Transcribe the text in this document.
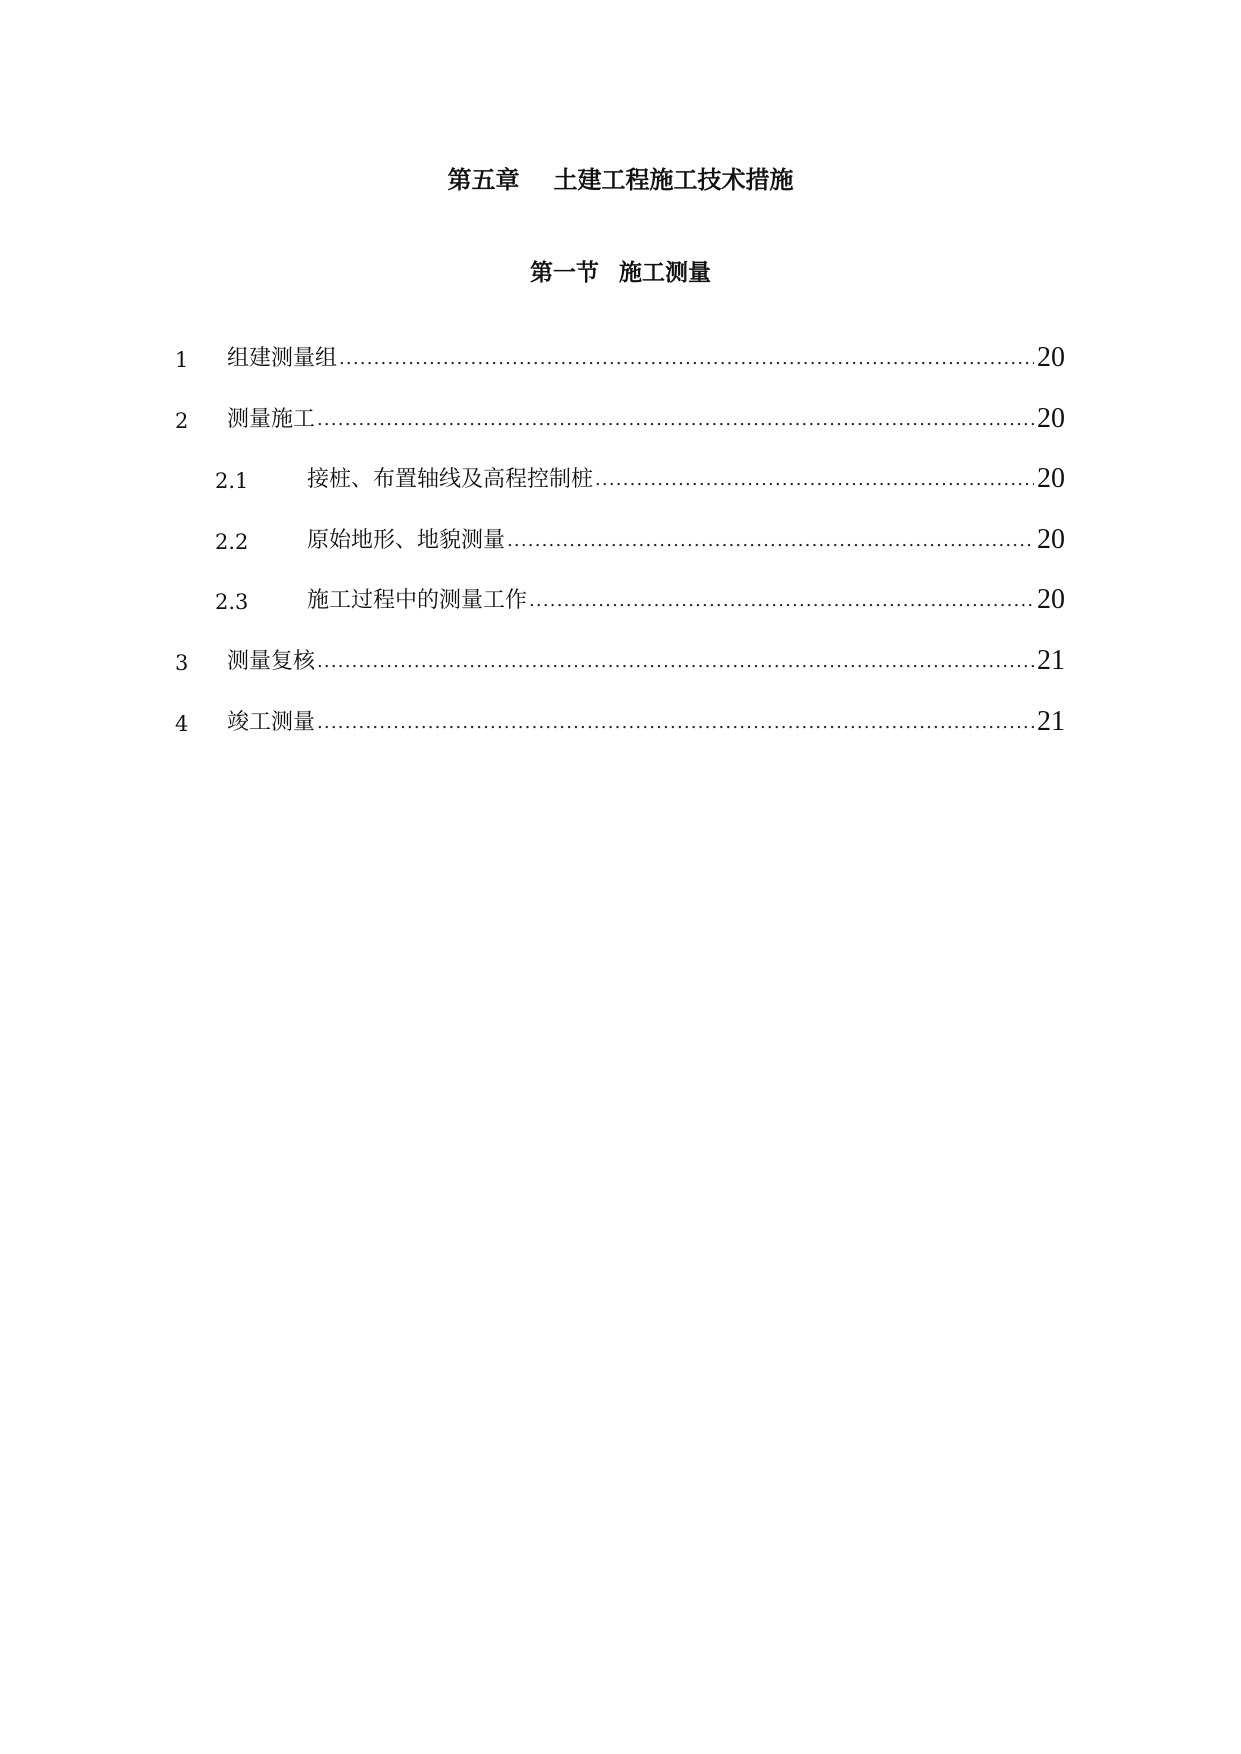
第五章 土建工程施工技术措施
第一节 施工测量
1	组建测量组 .....	20
2	测量施工 .....	20
2.1	接桩、布置轴线及高程控制桩 .....	20
2.2	原始地形、地貌测量 .....	20
2.3	施工过程中的测量工作 .....	20
3	测量复核 .....	21
4	竣工测量 .....	21
